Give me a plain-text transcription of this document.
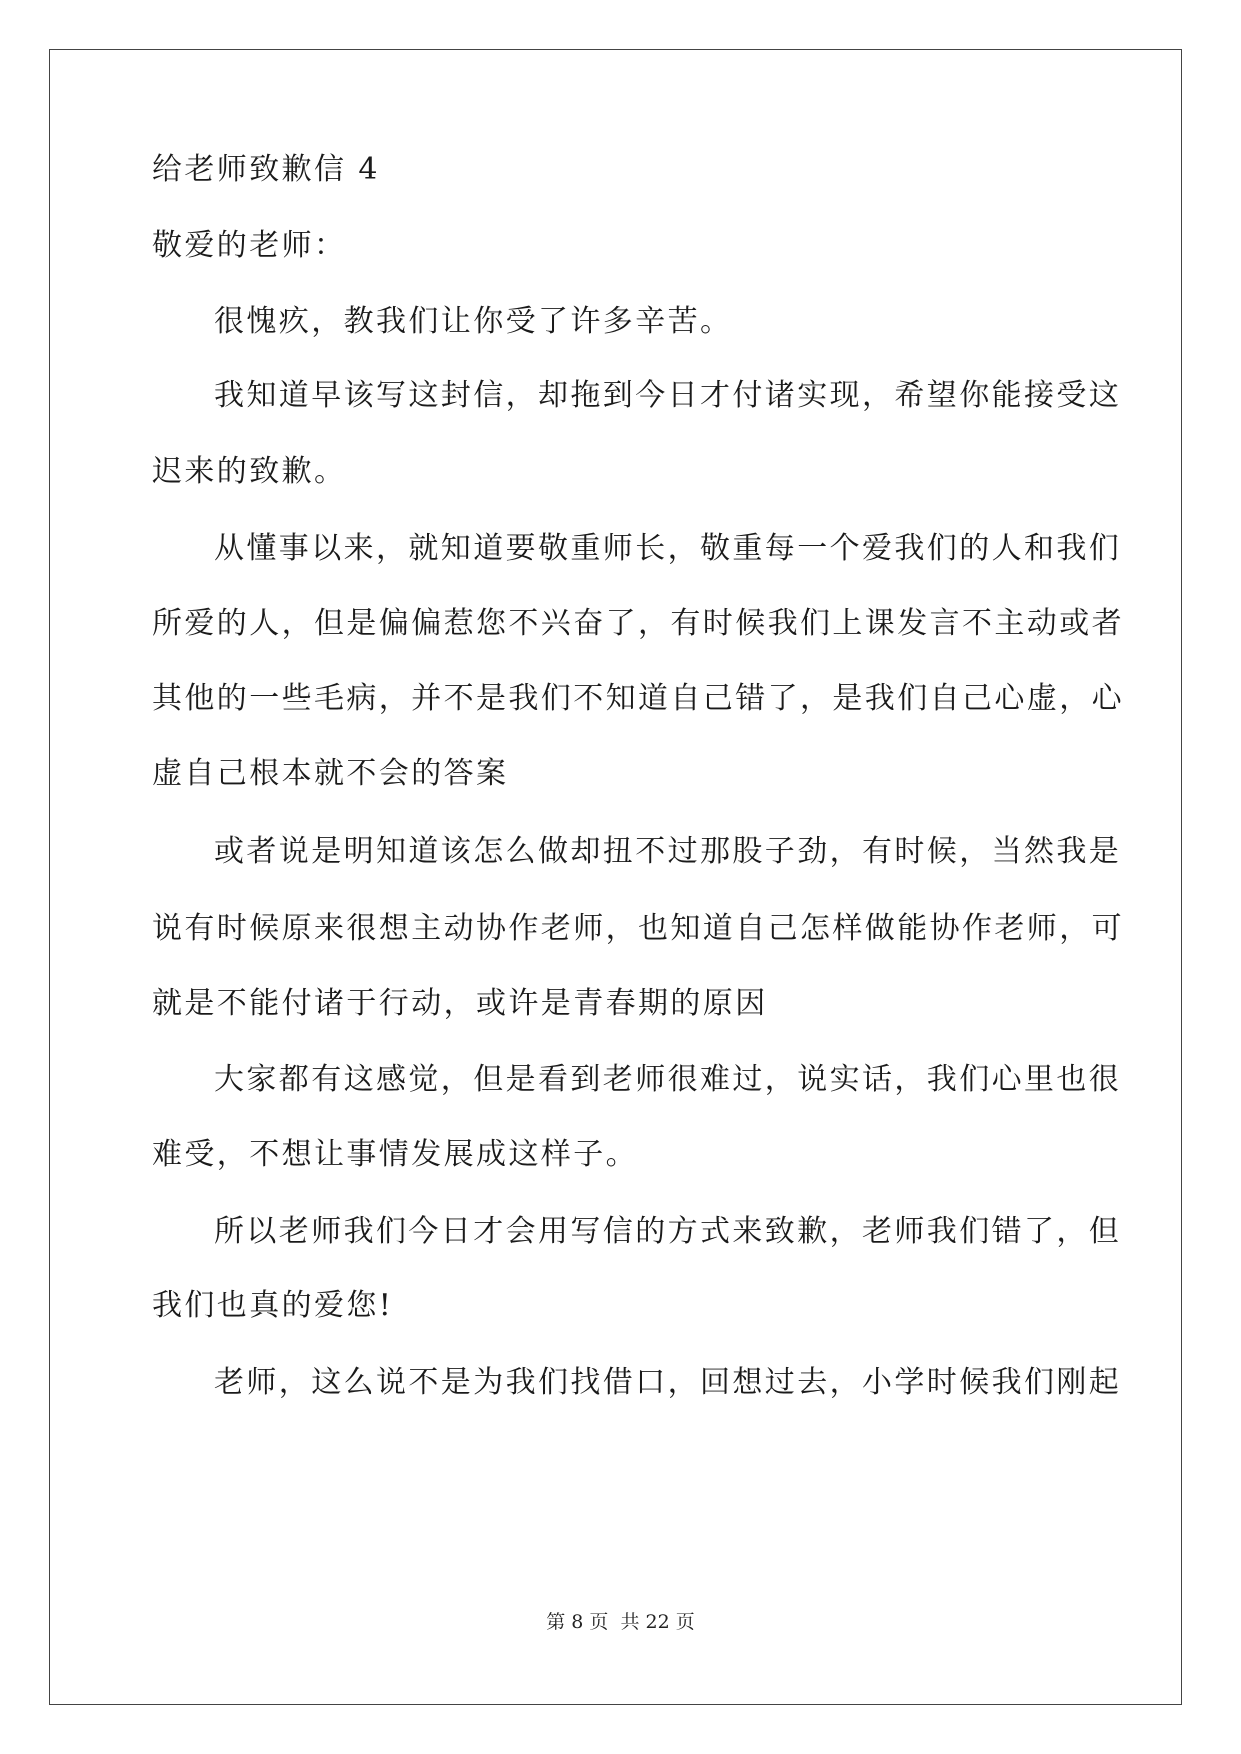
给老师致歉信 4
敬爱的老师：
很愧疚，教我们让你受了许多辛苦。
我知道早该写这封信，却拖到今日才付诸实现，希望你能接受这
迟来的致歉。
从懂事以来，就知道要敬重师长，敬重每一个爱我们的人和我们
所爱的人，但是偏偏惹您不兴奋了，有时候我们上课发言不主动或者
其他的一些毛病，并不是我们不知道自己错了，是我们自己心虚，心
虚自己根本就不会的答案
或者说是明知道该怎么做却扭不过那股子劲，有时候，当然我是
说有时候原来很想主动协作老师，也知道自己怎样做能协作老师，可
就是不能付诸于行动，或许是青春期的原因
大家都有这感觉，但是看到老师很难过，说实话，我们心里也很
难受，不想让事情发展成这样子。
所以老师我们今日才会用写信的方式来致歉，老师我们错了，但
我们也真的爱您!
老师，这么说不是为我们找借口，回想过去，小学时候我们刚起
第 8 页 共 22 页
